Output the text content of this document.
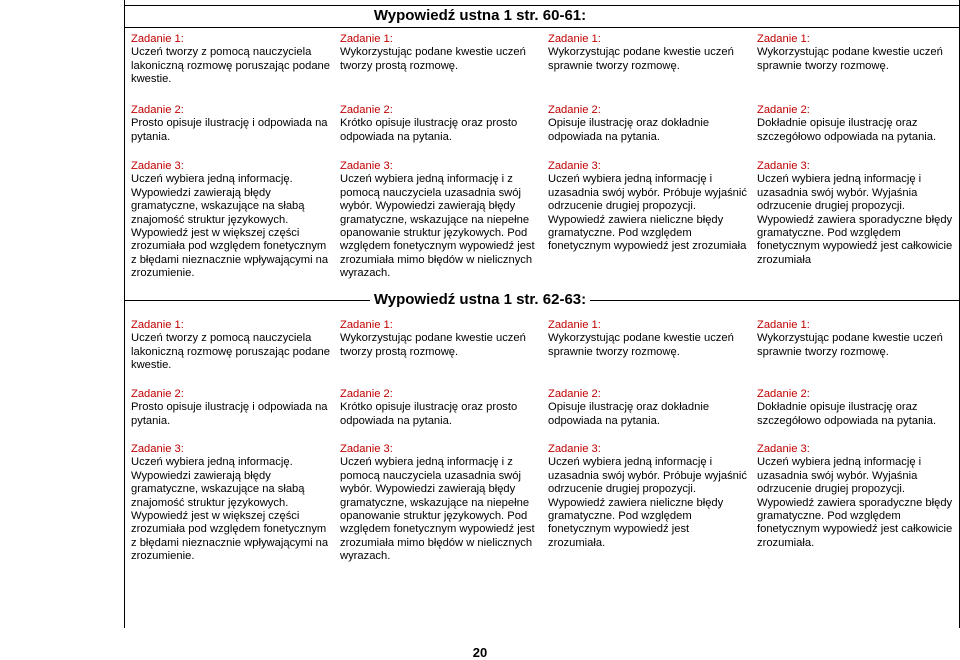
Wypowiedź ustna 1 str. 60-61:
Wypowiedź ustna 1 str. 62-63:

Zadanie 1:

Uczeń tworzy z pomocą nauczyciela lakoniczną rozmowę poruszając podane kwestie.

Zadanie 1:

Wykorzystując podane kwestie uczeń tworzy prostą rozmowę.

Zadanie 1:

Wykorzystując podane kwestie uczeń sprawnie tworzy rozmowę.

Zadanie 1:

Wykorzystując podane kwestie uczeń sprawnie tworzy rozmowę.

Zadanie 2:

Prosto opisuje ilustrację i odpowiada na pytania.

Zadanie 2:

Krótko opisuje ilustrację oraz prosto odpowiada na pytania.

Zadanie 2:

Opisuje ilustrację oraz dokładnie odpowiada na pytania.

Zadanie 2:

Dokładnie opisuje ilustrację oraz szczegółowo odpowiada na pytania.

Zadanie 3:

Uczeń wybiera jedną informację. Wypowiedzi zawierają błędy gramatyczne, wskazujące na słabą znajomość struktur językowych. Wypowiedź jest w większej części zrozumiała pod względem fonetycznym z błędami nieznacznie wpływającymi na zrozumienie.

Zadanie 3:

Uczeń wybiera jedną informację i z pomocą nauczyciela uzasadnia swój wybór. Wypowiedzi zawierają błędy gramatyczne, wskazujące na niepełne opanowanie struktur językowych. Pod względem fonetycznym wypowiedź jest zrozumiała mimo błędów w nielicznych wyrazach.

Zadanie 3:

Uczeń wybiera jedną informację i uzasadnia swój wybór. Próbuje wyjaśnić odrzucenie drugiej propozycji. Wypowiedź zawiera nieliczne błędy gramatyczne. Pod względem fonetycznym wypowiedź jest zrozumiała

Zadanie 3:

Uczeń wybiera jedną informację i uzasadnia swój wybór. Wyjaśnia odrzucenie drugiej propozycji. Wypowiedź zawiera sporadyczne błędy gramatyczne. Pod względem fonetycznym wypowiedź jest całkowicie zrozumiała

Zadanie 1:

Uczeń tworzy z pomocą nauczyciela lakoniczną rozmowę poruszając podane kwestie.

Zadanie 1:

Wykorzystując podane kwestie uczeń tworzy prostą rozmowę.

Zadanie 1:

Wykorzystując podane kwestie uczeń sprawnie tworzy rozmowę.

Zadanie 1:

Wykorzystując podane kwestie uczeń sprawnie tworzy rozmowę.

Zadanie 2:

Prosto opisuje ilustrację i odpowiada na pytania.

Zadanie 2:

Krótko opisuje ilustrację oraz prosto odpowiada na pytania.

Zadanie 2:

Opisuje ilustrację oraz dokładnie odpowiada na pytania.

Zadanie 2:

Dokładnie opisuje ilustrację oraz szczegółowo odpowiada na pytania.

Zadanie 3:

Uczeń wybiera jedną informację. Wypowiedzi zawierają błędy gramatyczne, wskazujące na słabą znajomość struktur językowych. Wypowiedź jest w większej części zrozumiała pod względem fonetycznym z błędami nieznacznie wpływającymi na zrozumienie.

Zadanie 3:

Uczeń wybiera jedną informację i z pomocą nauczyciela uzasadnia swój wybór. Wypowiedzi zawierają błędy gramatyczne, wskazujące na niepełne opanowanie struktur językowych. Pod względem fonetycznym wypowiedź jest zrozumiała mimo błędów w nielicznych wyrazach.

Zadanie 3:

Uczeń wybiera jedną informację i uzasadnia swój wybór. Próbuje wyjaśnić odrzucenie drugiej propozycji. Wypowiedź zawiera nieliczne błędy gramatyczne. Pod względem fonetycznym wypowiedź jest zrozumiała.

Zadanie 3:

Uczeń wybiera jedną informację i uzasadnia swój wybór. Wyjaśnia odrzucenie drugiej propozycji. Wypowiedź zawiera sporadyczne błędy gramatyczne. Pod względem fonetycznym wypowiedź jest całkowicie zrozumiała.

20
